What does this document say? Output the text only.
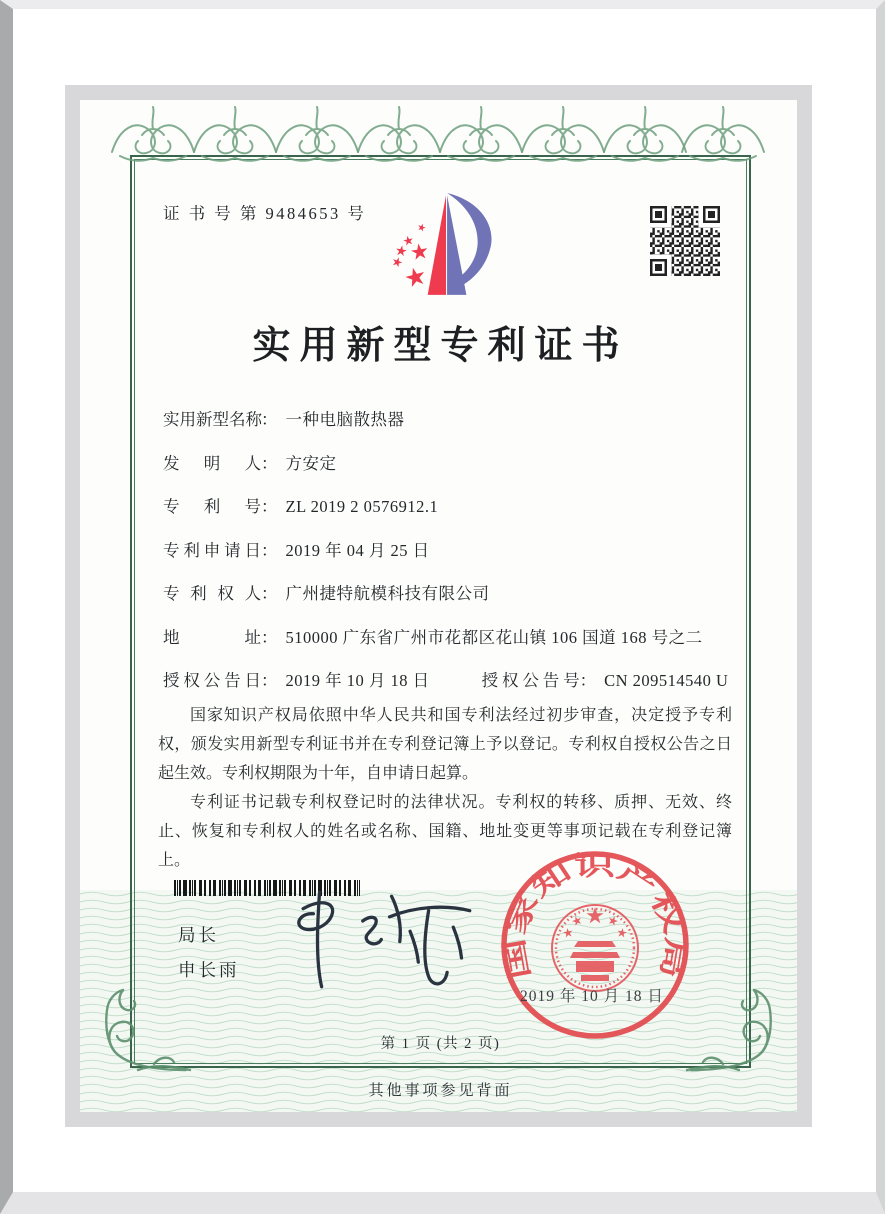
证 书 号 第 9484653 号
实用新型专利证书
实用新型名称 ： 一种电脑散热器
发明人 ： 方安定
专利号 ： ZL 2019 2 0576912.1
专利申请日 ： 2019 年 04 月 25 日
专利权人 ： 广州捷特航模科技有限公司
地址 ： 510000 广东省广州市花都区花山镇 106 国道 168 号之二
授权公告日 ： 2019 年 10 月 18 日	授权公告号 ： CN 209514540 U

国家知识产权局依照中华人民共和国专利法经过初步审查，决定授予专利权，颁发实用新型专利证书并在专利登记簿上予以登记。专利权自授权公告之日起生效。专利权期限为十年，自申请日起算。

专利证书记载专利权登记时的法律状况。专利权的转移、质押、无效、终止、恢复和专利权人的姓名或名称、国籍、地址变更等事项记载在专利登记簿上。

局长
申长雨	国家知识产权局
2019 年 10 月 18 日
第 1 页 (共 2 页)
其他事项参见背面
